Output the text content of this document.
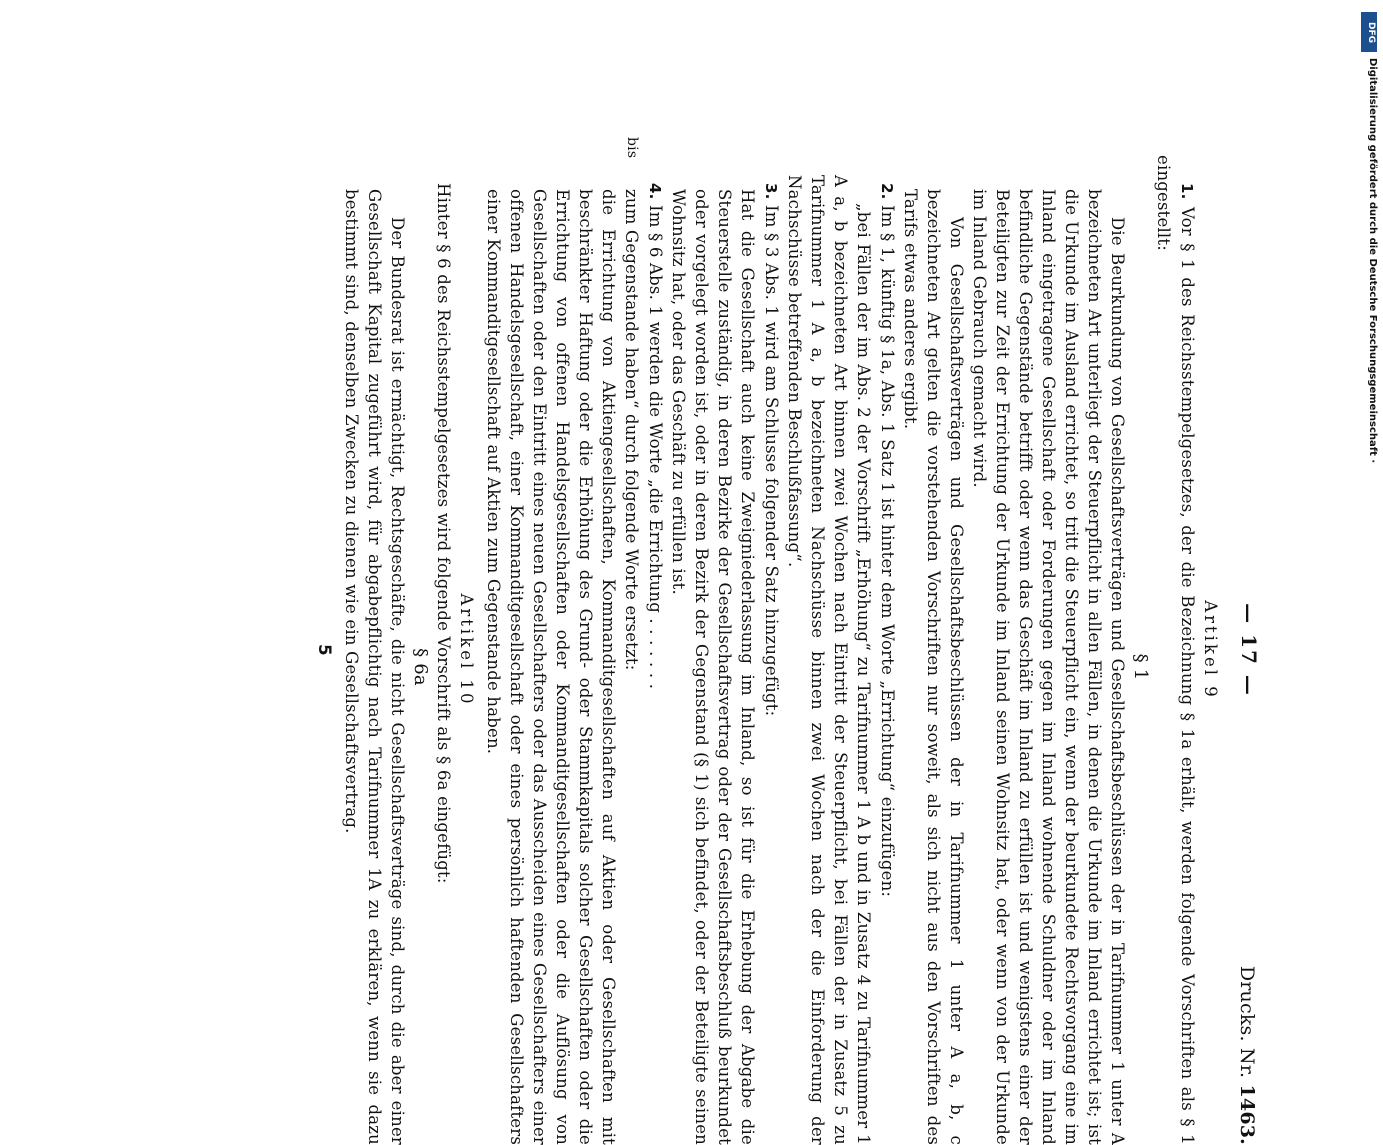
— 17 —
Drucks. Nr. 1463.
Artikel 9

1. Vor § 1 des Reichsstempelgesetzes, der die Bezeichnung § 1a erhält, werden folgende Vorschriften als § 1 eingestellt:

§ 1

Die Beurkundung von Gesellschaftsverträgen und Gesellschaftsbeschlüssen der in Tarifnummer 1 unter A bezeichneten Art unterliegt der Steuerpflicht in allen Fällen, in denen die Urkunde im Inland errichtet ist; ist die Urkunde im Ausland errichtet, so tritt die Steuerpflicht ein, wenn der beurkundete Rechtsvorgang eine im Inland eingetragene Gesellschaft oder Forderungen gegen im Inland wohnende Schuldner oder im Inland befindliche Gegenstände betrifft oder wenn das Geschäft im Inland zu erfüllen ist und wenigstens einer der Beteiligten zur Zeit der Errichtung der Urkunde im Inland seinen Wohnsitz hat, oder wenn von der Urkunde im Inland Gebrauch gemacht wird.

Von Gesellschaftsverträgen und Gesellschaftsbeschlüssen der in Tarifnummer 1 unter A a, b, c bezeichneten Art gelten die vorstehenden Vorschriften nur soweit, als sich nicht aus den Vorschriften des Tarifs etwas anderes ergibt.

2. Im § 1, künftig § 1a, Abs. 1 Satz 1 ist hinter dem Worte „Errichtung“ einzufügen:

„bei Fällen der im Abs. 2 der Vorschrift „Erhöhung“ zu Tarifnummer 1 A b und in Zusatz 4 zu Tarifnummer 1 A a, b bezeichneten Art binnen zwei Wochen nach Eintritt der Steuerpflicht, bei Fällen der in Zusatz 5 zu Tarifnummer 1 A a, b bezeichneten Nachschüsse binnen zwei Wochen nach der die Einforderung der Nachschüsse betreffenden Beschlußfassung“.

3. Im § 3 Abs. 1 wird am Schlusse folgender Satz hinzugefügt:

Hat die Gesellschaft auch keine Zweigniederlassung im Inland, so ist für die Erhebung der Abgabe die Steuerstelle zuständig, in deren Bezirke der Gesellschaftsvertrag oder der Gesellschaftsbeschluß beurkundet oder vorgelegt worden ist, oder in deren Bezirk der Gegenstand (§ 1) sich befindet, oder der Beteiligte seinen Wohnsitz hat, oder das Geschäft zu erfüllen ist.

4. Im § 6 Abs. 1 werden die Worte „die Errichtung . . . . . . .

bis

zum Gegenstande haben“ durch folgende Worte ersetzt:

die Errichtung von Aktiengesellschaften, Kommanditgesellschaften auf Aktien oder Gesellschaften mit beschränkter Haftung oder die Erhöhung des Grund- oder Stammkapitals solcher Gesellschaften oder die Errichtung von offenen Handelsgesellschaften oder Kommanditgesellschaften oder die Auflösung von Gesellschaften oder den Eintritt eines neuen Gesellschafters oder das Ausscheiden eines Gesellschafters einer offenen Handelsgesellschaft, einer Kommanditgesellschaft oder eines persönlich haftenden Gesellschafters einer Kommanditgesellschaft auf Aktien zum Gegenstande haben.

Artikel 10

Hinter § 6 des Reichsstempelgesetzes wird folgende Vorschrift als § 6a eingefügt:

§ 6a

Der Bundesrat ist ermächtigt, Rechtsgeschäfte, die nicht Gesellschaftsverträge sind, durch die aber einer Gesellschaft Kapital zugeführt wird, für abgabepflichtig nach Tarifnummer 1A zu erklären, wenn sie dazu bestimmt sind, denselben Zwecken zu dienen wie ein Gesellschaftsvertrag.

5
DFG
Digitalisierung gefördert durch die Deutsche Forschungsgemeinschaft ·
